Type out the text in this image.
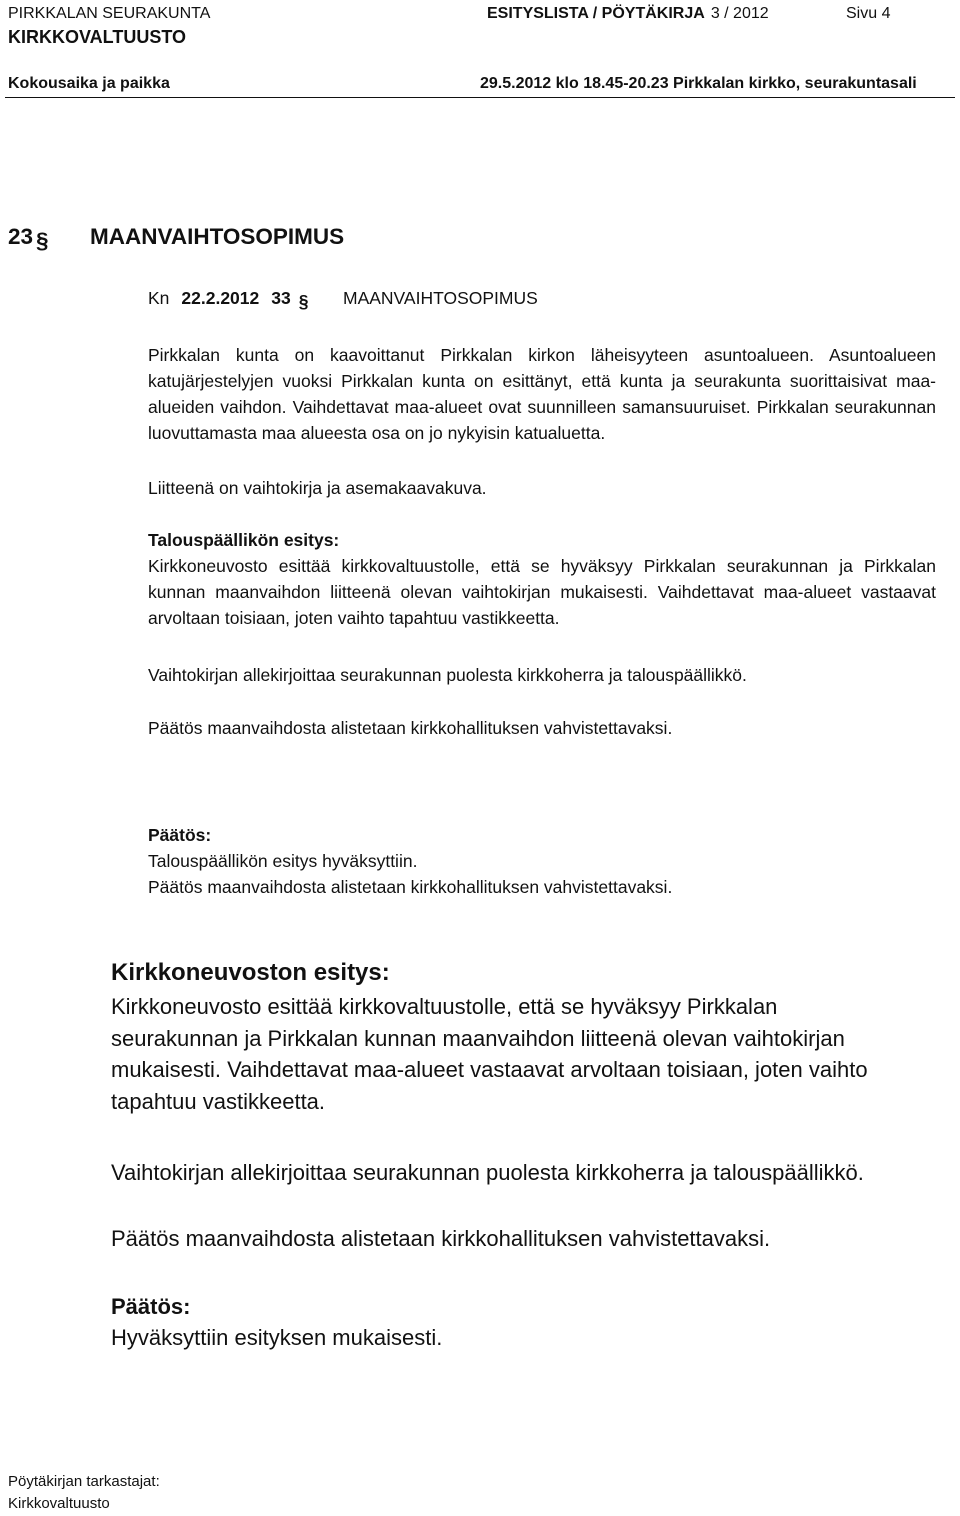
PIRKKALAN SEURAKUNTA	ESITYSLISTA / PÖYTÄKIRJA 3 / 2012	Sivu 4
KIRKKOVALTUUSTO
Kokousaika ja paikka	29.5.2012 klo 18.45-20.23 Pirkkalan kirkko, seurakuntasali
23 § MAANVAIHTOSOPIMUS
Kn 22.2.2012 33 § MAANVAIHTOSOPIMUS

Pirkkalan kunta on kaavoittanut Pirkkalan kirkon läheisyyteen asuntoalueen. Asuntoalueen katujärjestelyjen vuoksi Pirkkalan kunta on esittänyt, että kunta ja seurakunta suorittaisivat maa-alueiden vaihdon. Vaihdettavat maa-alueet ovat suunnilleen samansuuruiset. Pirkkalan seurakunnan luovuttamasta maa alueesta osa on jo nykyisin katualuetta.

Liitteenä on vaihtokirja ja asemakaavakuva.

Talouspäällikön esitys:
Kirkkoneuvosto esittää kirkkovaltuustolle, että se hyväksyy Pirkkalan seurakunnan ja Pirkkalan kunnan maanvaihdon liitteenä olevan vaihtokirjan mukaisesti. Vaihdettavat maa-alueet vastaavat arvoltaan toisiaan, joten vaihto tapahtuu vastikkeetta.

Vaihtokirjan allekirjoittaa seurakunnan puolesta kirkkoherra ja talouspäällikkö.

Päätös maanvaihdosta alistetaan kirkkohallituksen vahvistettavaksi.

Päätös:
Talouspäällikön esitys hyväksyttiin.
Päätös maanvaihdosta alistetaan kirkkohallituksen vahvistettavaksi.
Kirkkoneuvoston esitys:

Kirkkoneuvosto esittää kirkkovaltuustolle, että se hyväksyy Pirkkalan seurakunnan ja Pirkkalan kunnan maanvaihdon liitteenä olevan vaihtokirjan mukaisesti. Vaihdettavat maa-alueet vastaavat arvoltaan toisiaan, joten vaihto tapahtuu vastikkeetta.

Vaihtokirjan allekirjoittaa seurakunnan puolesta kirkkoherra ja talouspäällikkö.

Päätös maanvaihdosta alistetaan kirkkohallituksen vahvistettavaksi.

Päätös:

Hyväksyttiin esityksen mukaisesti.

Pöytäkirjan tarkastajat:
Kirkkovaltuusto
